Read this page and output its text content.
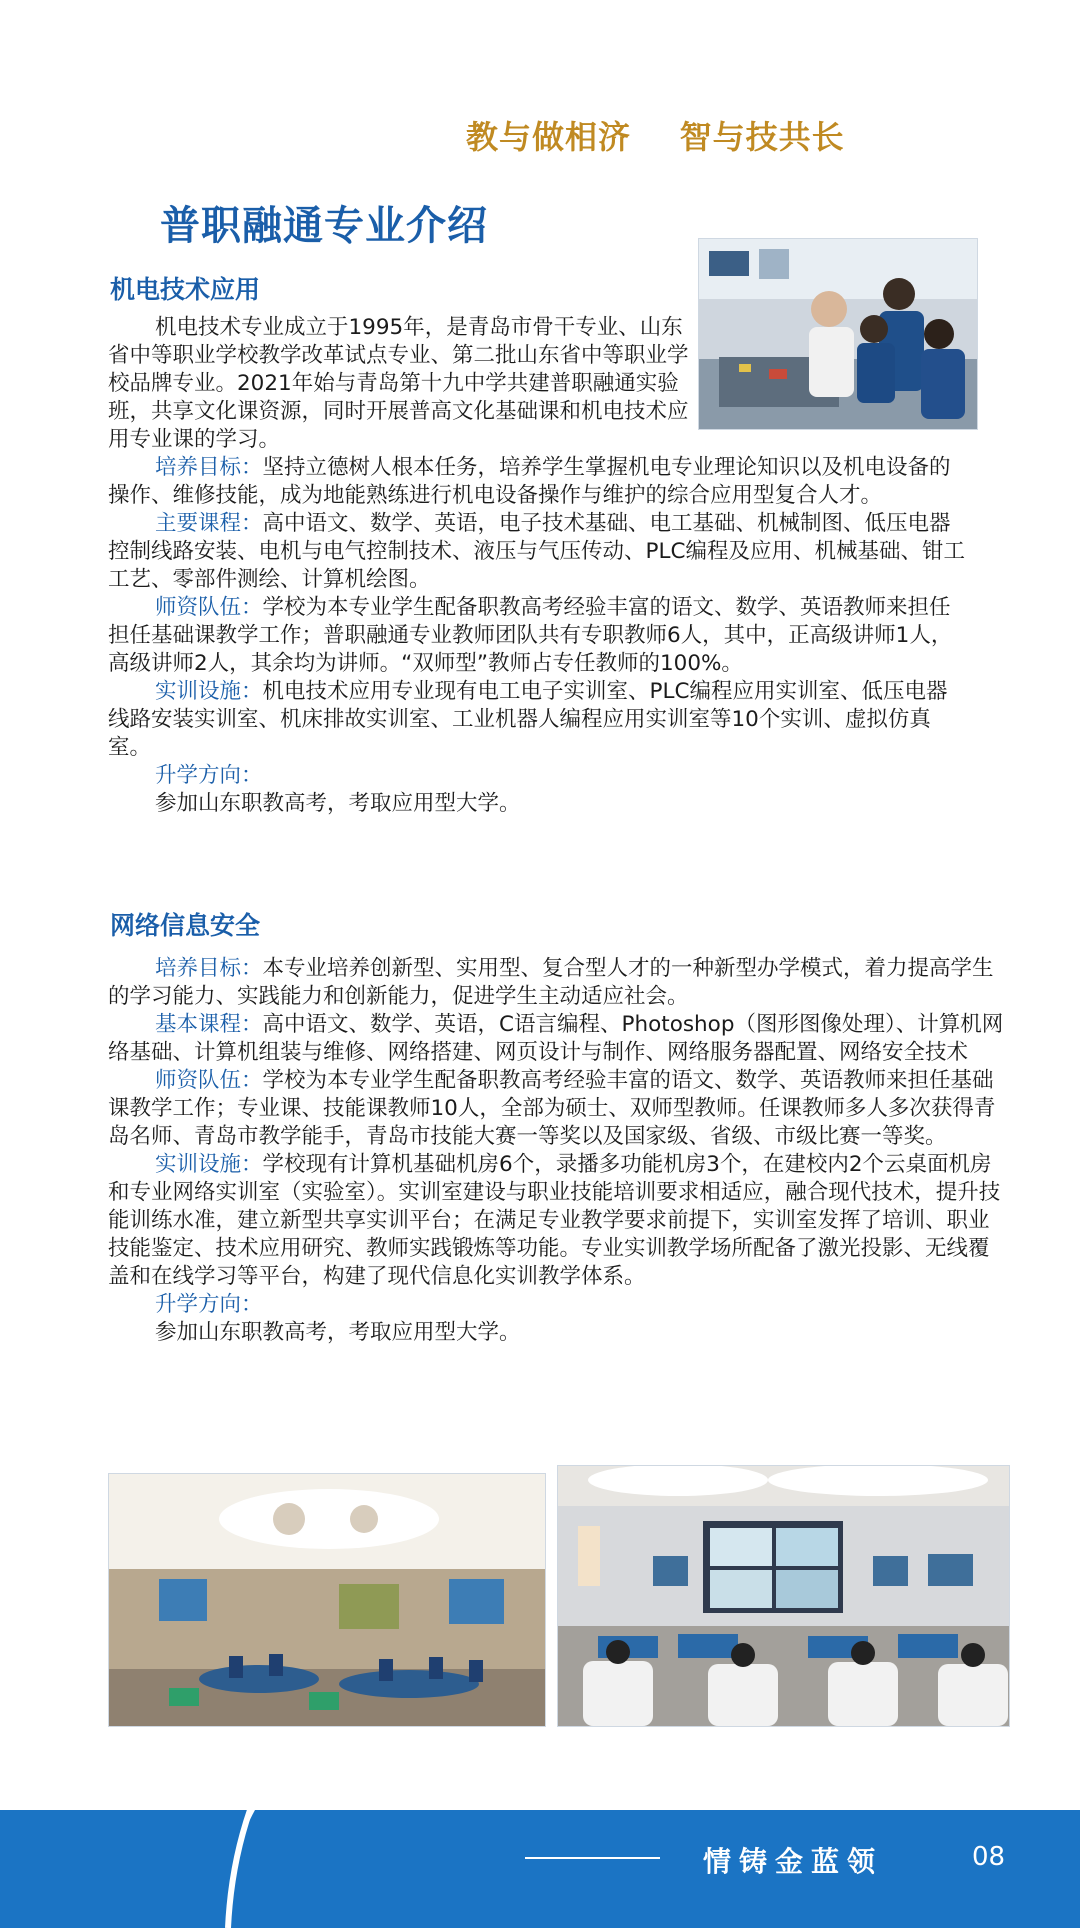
教与做相济    智与技共长
普职融通专业介绍
机电技术应用

机电技术专业成立于1995年，是青岛市骨干专业、山东省中等职业学校教学改革试点专业、第二批山东省中等职业学校品牌专业。2021年始与青岛第十九中学共建普职融通实验班，共享文化课资源，同时开展普高文化基础课和机电技术应用专业课的学习。

培养目标：坚持立德树人根本任务，培养学生掌握机电专业理论知识以及机电设备的操作、维修技能，成为地能熟练进行机电设备操作与维护的综合应用型复合人才。

主要课程：高中语文、数学、英语，电子技术基础、电工基础、机械制图、低压电器控制线路安装、电机与电气控制技术、液压与气压传动、PLC编程及应用、机械基础、钳工工艺、零部件测绘、计算机绘图。

师资队伍：学校为本专业学生配备职教高考经验丰富的语文、数学、英语教师来担任担任基础课教学工作；普职融通专业教师团队共有专职教师6人，其中，正高级讲师1人，高级讲师2人，其余均为讲师。“双师型”教师占专任教师的100%。

实训设施：机电技术应用专业现有电工电子实训室、PLC编程应用实训室、低压电器线路安装实训室、机床排故实训室、工业机器人编程应用实训室等10个实训、虚拟仿真室。

升学方向：

参加山东职教高考，考取应用型大学。

网络信息安全

培养目标：本专业培养创新型、实用型、复合型人才的一种新型办学模式，着力提高学生的学习能力、实践能力和创新能力，促进学生主动适应社会。

基本课程：高中语文、数学、英语，C语言编程、Photoshop（图形图像处理）、计算机网络基础、计算机组装与维修、网络搭建、网页设计与制作、网络服务器配置、网络安全技术

师资队伍：学校为本专业学生配备职教高考经验丰富的语文、数学、英语教师来担任基础课教学工作；专业课、技能课教师10人，全部为硕士、双师型教师。任课教师多人多次获得青岛名师、青岛市教学能手，青岛市技能大赛一等奖以及国家级、省级、市级比赛一等奖。

实训设施：学校现有计算机基础机房6个，录播多功能机房3个，在建校内2个云桌面机房和专业网络实训室（实验室）。实训室建设与职业技能培训要求相适应，融合现代技术，提升技能训练水准，建立新型共享实训平台；在满足专业教学要求前提下，实训室发挥了培训、职业技能鉴定、技术应用研究、教师实践锻炼等功能。专业实训教学场所配备了激光投影、无线覆盖和在线学习等平台，构建了现代信息化实训教学体系。

升学方向：

参加山东职教高考，考取应用型大学。

情铸金蓝领	08
